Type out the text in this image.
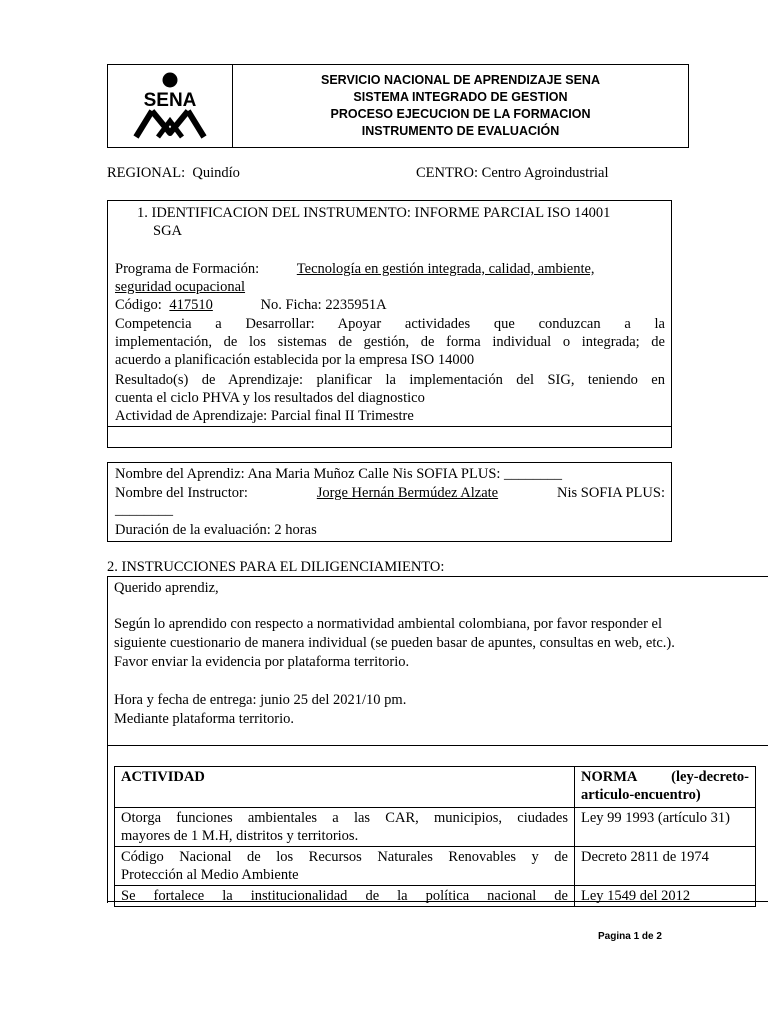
SENA
SERVICIO NACIONAL DE APRENDIZAJE SENA
SISTEMA INTEGRADO DE GESTION
PROCESO EJECUCION DE LA FORMACION
INSTRUMENTO DE EVALUACIÓN
REGIONAL: Quindío	CENTRO: Centro Agroindustrial
1. IDENTIFICACION DEL INSTRUMENTO: INFORME PARCIAL ISO 14001
SGA
Programa de Formación:	Tecnología en gestión integrada, calidad, ambiente,
seguridad ocupacional
Código: 417510	No. Ficha: 2235951A
Competencia a Desarrollar: Apoyar actividades que conduzcan a la
implementación, de los sistemas de gestión, de forma individual o integrada; de
acuerdo a planificación establecida por la empresa ISO 14000
Resultado(s) de Aprendizaje: planificar la implementación del SIG, teniendo en
cuenta el ciclo PHVA y los resultados del diagnostico
Actividad de Aprendizaje: Parcial final II Trimestre
Nombre del Aprendiz: Ana Maria Muñoz Calle Nis SOFIA PLUS: ________
Nombre del Instructor:	Jorge Hernán Bermúdez Alzate	Nis SOFIA PLUS:
________
Duración de la evaluación: 2 horas
2. INSTRUCCIONES PARA EL DILIGENCIAMIENTO:
Querido aprendiz,
Según lo aprendido con respecto a normatividad ambiental colombiana, por favor responder el
siguiente cuestionario de manera individual (se pueden basar de apuntes, consultas en web, etc.).
Favor enviar la evidencia por plataforma territorio.
Hora y fecha de entrega: junio 25 del 2021/10 pm.
Mediante plataforma territorio.
ACTIVIDAD	NORMA (ley-decreto-
articulo-encuentro)

Otorga funciones ambientales a las CAR, municipios, ciudades
mayores de 1 M.H, distritos y territorios.	Ley 99 1993 (artículo 31)

Código Nacional de los Recursos Naturales Renovables y de
Protección al Medio Ambiente	Decreto 2811 de 1974

Se fortalece la institucionalidad de la política nacional de	Ley 1549 del 2012
Pagina 1 de 2
